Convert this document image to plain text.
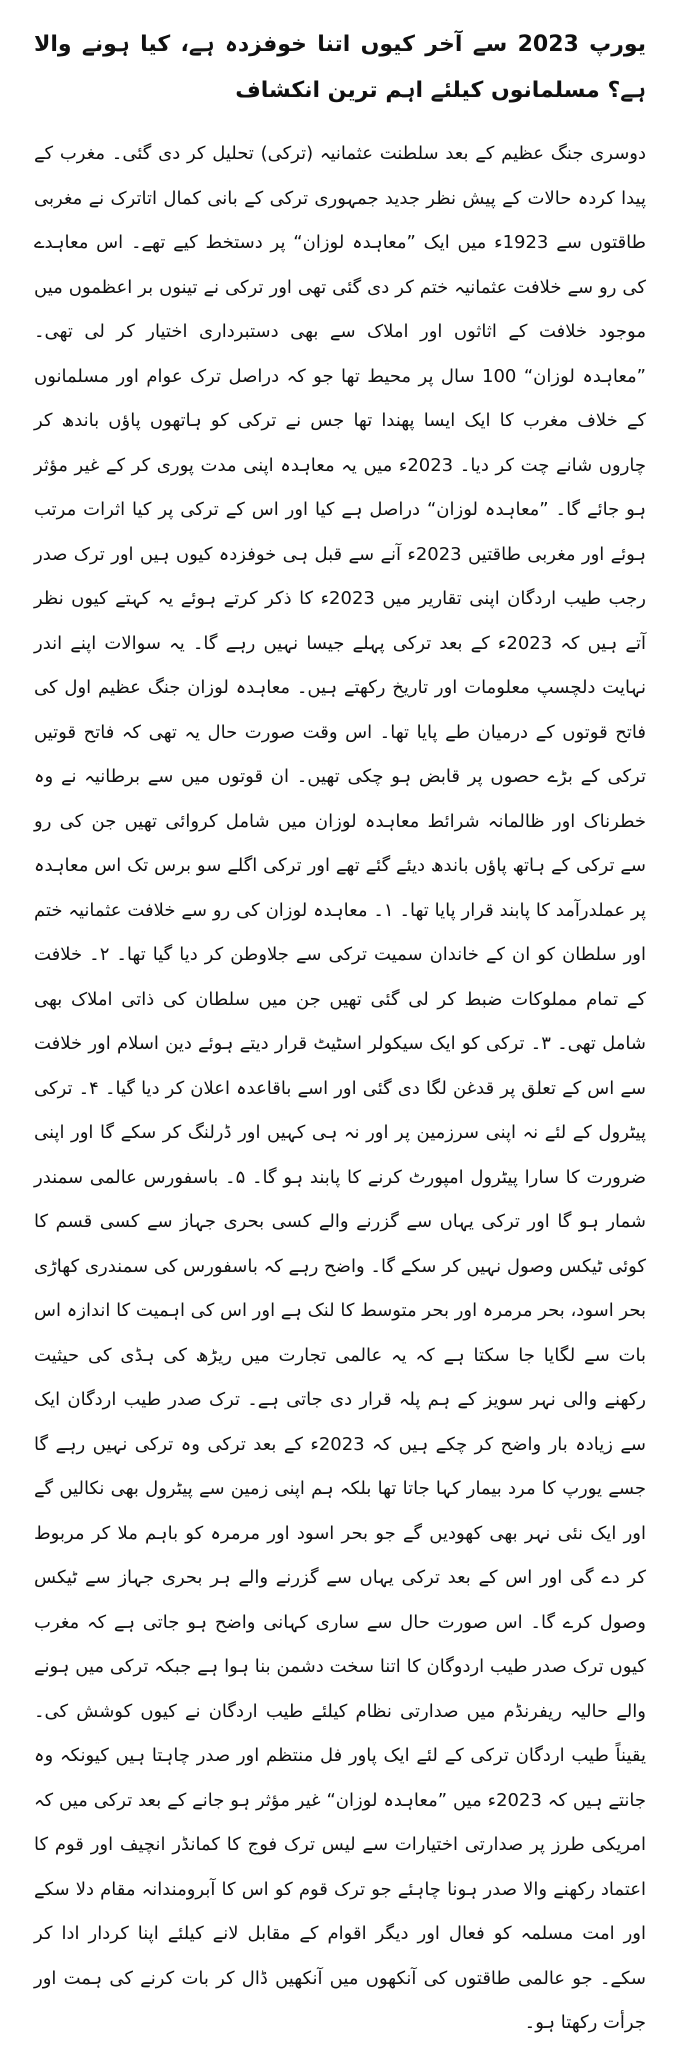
یورپ 2023 سے آخر کیوں اتنا خوفزدہ ہے، کیا ہونے والا ہے؟ مسلمانوں کیلئے اہم ترین انکشاف

دوسری جنگ عظیم کے بعد سلطنت عثمانیہ (ترکی) تحلیل کر دی گئی۔ مغرب کے پیدا کردہ حالات کے پیش نظر جدید جمہوری ترکی کے بانی کمال اتاترک نے مغربی طاقتوں سے 1923ء میں ایک ”معاہدہ لوزان“ پر دستخط کیے تھے۔ اس معاہدے کی رو سے خلافت عثمانیہ ختم کر دی گئی تھی اور ترکی نے تینوں بر اعظموں میں موجود خلافت کے اثاثوں اور املاک سے بھی دستبرداری اختیار کر لی تھی۔ ”معاہدہ لوزان“ 100 سال پر محیط تھا جو کہ دراصل ترک عوام اور مسلمانوں کے خلاف مغرب کا ایک ایسا پھندا تھا جس نے ترکی کو ہاتھوں پاؤں باندھ کر چاروں شانے چت کر دیا۔ 2023ء میں یہ معاہدہ اپنی مدت پوری کر کے غیر مؤثر ہو جائے گا۔ ”معاہدہ لوزان“ دراصل ہے کیا اور اس کے ترکی پر کیا اثرات مرتب ہوئے اور مغربی طاقتیں 2023ء آنے سے قبل ہی خوفزدہ کیوں ہیں اور ترک صدر رجب طیب اردگان اپنی تقاریر میں 2023ء کا ذکر کرتے ہوئے یہ کہتے کیوں نظر آتے ہیں کہ 2023ء کے بعد ترکی پہلے جیسا نہیں رہے گا۔ یہ سوالات اپنے اندر نہایت دلچسپ معلومات اور تاریخ رکھتے ہیں۔ معاہدہ لوزان جنگ عظیم اول کی فاتح قوتوں کے درمیان طے پایا تھا۔ اس وقت صورت حال یہ تھی کہ فاتح قوتیں ترکی کے بڑے حصوں پر قابض ہو چکی تھیں۔ ان قوتوں میں سے برطانیہ نے وہ خطرناک اور ظالمانہ شرائط معاہدہ لوزان میں شامل کروائی تھیں جن کی رو سے ترکی کے ہاتھ پاؤں باندھ دیئے گئے تھے اور ترکی اگلے سو برس تک اس معاہدہ پر عملدرآمد کا پابند قرار پایا تھا۔ ۱۔ معاہدہ لوزان کی رو سے خلافت عثمانیہ ختم اور سلطان کو ان کے خاندان سمیت ترکی سے جلاوطن کر دیا گیا تھا۔ ۲۔ خلافت کے تمام مملوکات ضبط کر لی گئی تھیں جن میں سلطان کی ذاتی املاک بھی شامل تھی۔ ۳۔ ترکی کو ایک سیکولر اسٹیٹ قرار دیتے ہوئے دین اسلام اور خلافت سے اس کے تعلق پر قدغن لگا دی گئی اور اسے باقاعدہ اعلان کر دیا گیا۔ ۴۔ ترکی پیٹرول کے لئے نہ اپنی سرزمین پر اور نہ ہی کہیں اور ڈرلنگ کر سکے گا اور اپنی ضرورت کا سارا پیٹرول امپورٹ کرنے کا پابند ہو گا۔ ۵۔ باسفورس عالمی سمندر شمار ہو گا اور ترکی یہاں سے گزرنے والے کسی بحری جہاز سے کسی قسم کا کوئی ٹیکس وصول نہیں کر سکے گا۔ واضح رہے کہ باسفورس کی سمندری کھاڑی بحر اسود، بحر مرمرہ اور بحر متوسط کا لنک ہے اور اس کی اہمیت کا اندازہ اس بات سے لگایا جا سکتا ہے کہ یہ عالمی تجارت میں ریڑھ کی ہڈی کی حیثیت رکھنے والی نہر سویز کے ہم پلہ قرار دی جاتی ہے۔ ترک صدر طیب اردگان ایک سے زیادہ بار واضح کر چکے ہیں کہ 2023ء کے بعد ترکی وہ ترکی نہیں رہے گا جسے یورپ کا مرد بیمار کہا جاتا تھا بلکہ ہم اپنی زمین سے پیٹرول بھی نکالیں گے اور ایک نئی نہر بھی کھودیں گے جو بحر اسود اور مرمرہ کو باہم ملا کر مربوط کر دے گی اور اس کے بعد ترکی یہاں سے گزرنے والے ہر بحری جہاز سے ٹیکس وصول کرے گا۔ اس صورت حال سے ساری کہانی واضح ہو جاتی ہے کہ مغرب کیوں ترک صدر طیب اردوگان کا اتنا سخت دشمن بنا ہوا ہے جبکہ ترکی میں ہونے والے حالیہ ریفرنڈم میں صدارتی نظام کیلئے طیب اردگان نے کیوں کوشش کی۔ یقیناً طیب اردگان ترکی کے لئے ایک پاور فل منتظم اور صدر چاہتا ہیں کیونکہ وہ جانتے ہیں کہ 2023ء میں ”معاہدہ لوزان“ غیر مؤثر ہو جانے کے بعد ترکی میں کہ امریکی طرز پر صدارتی اختیارات سے لیس ترک فوج کا کمانڈر انچیف اور قوم کا اعتماد رکھنے والا صدر ہونا چاہئے جو ترک قوم کو اس کا آبرومندانہ مقام دلا سکے اور امت مسلمہ کو فعال اور دیگر اقوام کے مقابل لانے کیلئے اپنا کردار ادا کر سکے۔ جو عالمی طاقتوں کی آنکھوں میں آنکھیں ڈال کر بات کرنے کی ہمت اور جرأت رکھتا ہو۔
